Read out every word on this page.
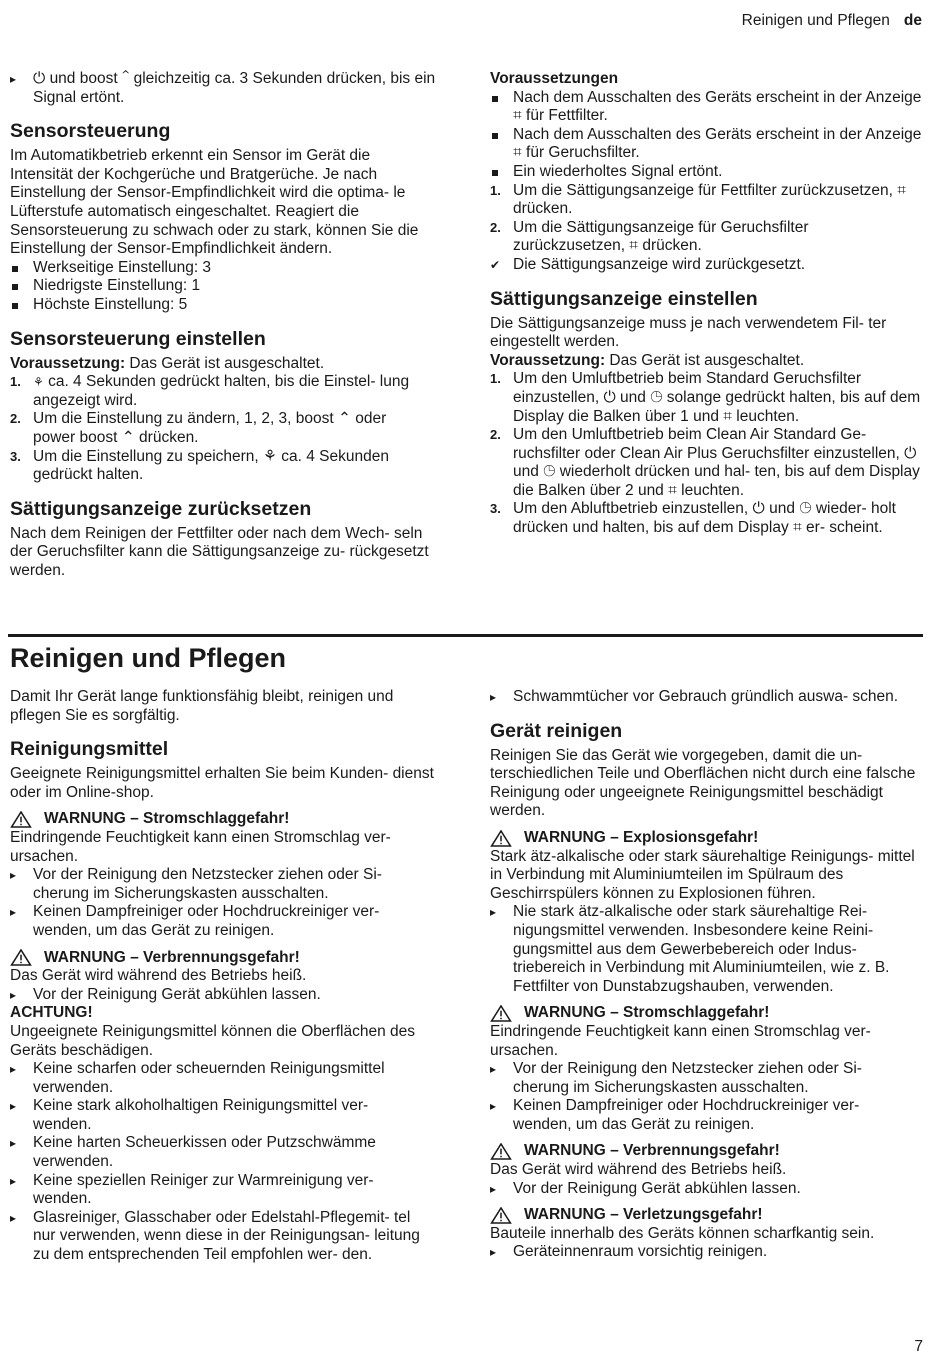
Reinigen und Pflegen de
▸ ⏻ und boost ⌃ gleichzeitig ca. 3 Sekunden drücken, bis ein Signal ertönt.
Sensorsteuerung

Im Automatikbetrieb erkennt ein Sensor im Gerät die Intensität der Kochgerüche und Bratgerüche. Je nach Einstellung der Sensor-Empfindlichkeit wird die optima- le Lüfterstufe automatisch eingeschaltet. Reagiert die Sensorsteuerung zu schwach oder zu stark, können Sie die Einstellung der Sensor-Empfindlichkeit ändern.

Werkseitige Einstellung: 3
Niedrigste Einstellung: 1
Höchste Einstellung: 5
Sensorsteuerung einstellen

Voraussetzung: Das Gerät ist ausgeschaltet.

1. ⚘ ca. 4 Sekunden gedrückt halten, bis die Einstel- lung angezeigt wird.
2. Um die Einstellung zu ändern, 1, 2, 3, boost ⌃ oder power boost ⌃ drücken.
3. Um die Einstellung zu speichern, ⚘ ca. 4 Sekunden gedrückt halten.
Sättigungsanzeige zurücksetzen

Nach dem Reinigen der Fettfilter oder nach dem Wech- seln der Geruchsfilter kann die Sättigungsanzeige zu- rückgesetzt werden.

Voraussetzungen

Nach dem Ausschalten des Geräts erscheint in der Anzeige ⌗ für Fettfilter.
Nach dem Ausschalten des Geräts erscheint in der Anzeige ⌗ für Geruchsfilter.
Ein wiederholtes Signal ertönt.
1. Um die Sättigungsanzeige für Fettfilter zurückzusetzen, ⌗ drücken.
2. Um die Sättigungsanzeige für Geruchsfilter zurückzusetzen, ⌗ drücken.
✔ Die Sättigungsanzeige wird zurückgesetzt.
Sättigungsanzeige einstellen

Die Sättigungsanzeige muss je nach verwendetem Fil- ter eingestellt werden.

Voraussetzung: Das Gerät ist ausgeschaltet.

1. Um den Umluftbetrieb beim Standard Geruchsfilter einzustellen, ⏻ und ◷ solange gedrückt halten, bis auf dem Display die Balken über 1 und ⌗ leuchten.
2. Um den Umluftbetrieb beim Clean Air Standard Ge- ruchsfilter oder Clean Air Plus Geruchsfilter einzustellen, ⏻ und ◷ wiederholt drücken und hal- ten, bis auf dem Display die Balken über 2 und ⌗ leuchten.
3. Um den Abluftbetrieb einzustellen, ⏻ und ◷ wieder- holt drücken und halten, bis auf dem Display ⌗ er- scheint.
Reinigen und Pflegen

Damit Ihr Gerät lange funktionsfähig bleibt, reinigen und pflegen Sie es sorgfältig.

Reinigungsmittel

Geeignete Reinigungsmittel erhalten Sie beim Kunden- dienst oder im Online-shop.

WARNUNG – Stromschlaggefahr!

Eindringende Feuchtigkeit kann einen Stromschlag ver- ursachen.

▸ Vor der Reinigung den Netzstecker ziehen oder Si- cherung im Sicherungskasten ausschalten.
▸ Keinen Dampfreiniger oder Hochdruckreiniger ver- wenden, um das Gerät zu reinigen.
WARNUNG – Verbrennungsgefahr!

Das Gerät wird während des Betriebs heiß.

▸ Vor der Reinigung Gerät abkühlen lassen.

ACHTUNG!

Ungeeignete Reinigungsmittel können die Oberflächen des Geräts beschädigen.

▸ Keine scharfen oder scheuernden Reinigungsmittel verwenden.
▸ Keine stark alkoholhaltigen Reinigungsmittel ver- wenden.
▸ Keine harten Scheuerkissen oder Putzschwämme verwenden.
▸ Keine speziellen Reiniger zur Warmreinigung ver- wenden.
▸ Glasreiniger, Glasschaber oder Edelstahl-Pflegemit- tel nur verwenden, wenn diese in der Reinigungsan- leitung zu dem entsprechenden Teil empfohlen wer- den.
▸ Schwammtücher vor Gebrauch gründlich auswa- schen.
Gerät reinigen

Reinigen Sie das Gerät wie vorgegeben, damit die un- terschiedlichen Teile und Oberflächen nicht durch eine falsche Reinigung oder ungeeignete Reinigungsmittel beschädigt werden.

WARNUNG – Explosionsgefahr!

Stark ätz-alkalische oder stark säurehaltige Reinigungs- mittel in Verbindung mit Aluminiumteilen im Spülraum des Geschirrspülers können zu Explosionen führen.

▸ Nie stark ätz-alkalische oder stark säurehaltige Rei- nigungsmittel verwenden. Insbesondere keine Reini- gungsmittel aus dem Gewerbebereich oder Indus- triebereich in Verbindung mit Aluminiumteilen, wie z. B. Fettfilter von Dunstabzugshauben, verwenden.
WARNUNG – Stromschlaggefahr!

Eindringende Feuchtigkeit kann einen Stromschlag ver- ursachen.

▸ Vor der Reinigung den Netzstecker ziehen oder Si- cherung im Sicherungskasten ausschalten.
▸ Keinen Dampfreiniger oder Hochdruckreiniger ver- wenden, um das Gerät zu reinigen.
WARNUNG – Verbrennungsgefahr!

Das Gerät wird während des Betriebs heiß.

▸ Vor der Reinigung Gerät abkühlen lassen.
WARNUNG – Verletzungsgefahr!

Bauteile innerhalb des Geräts können scharfkantig sein.

▸ Geräteinnenraum vorsichtig reinigen.
7
